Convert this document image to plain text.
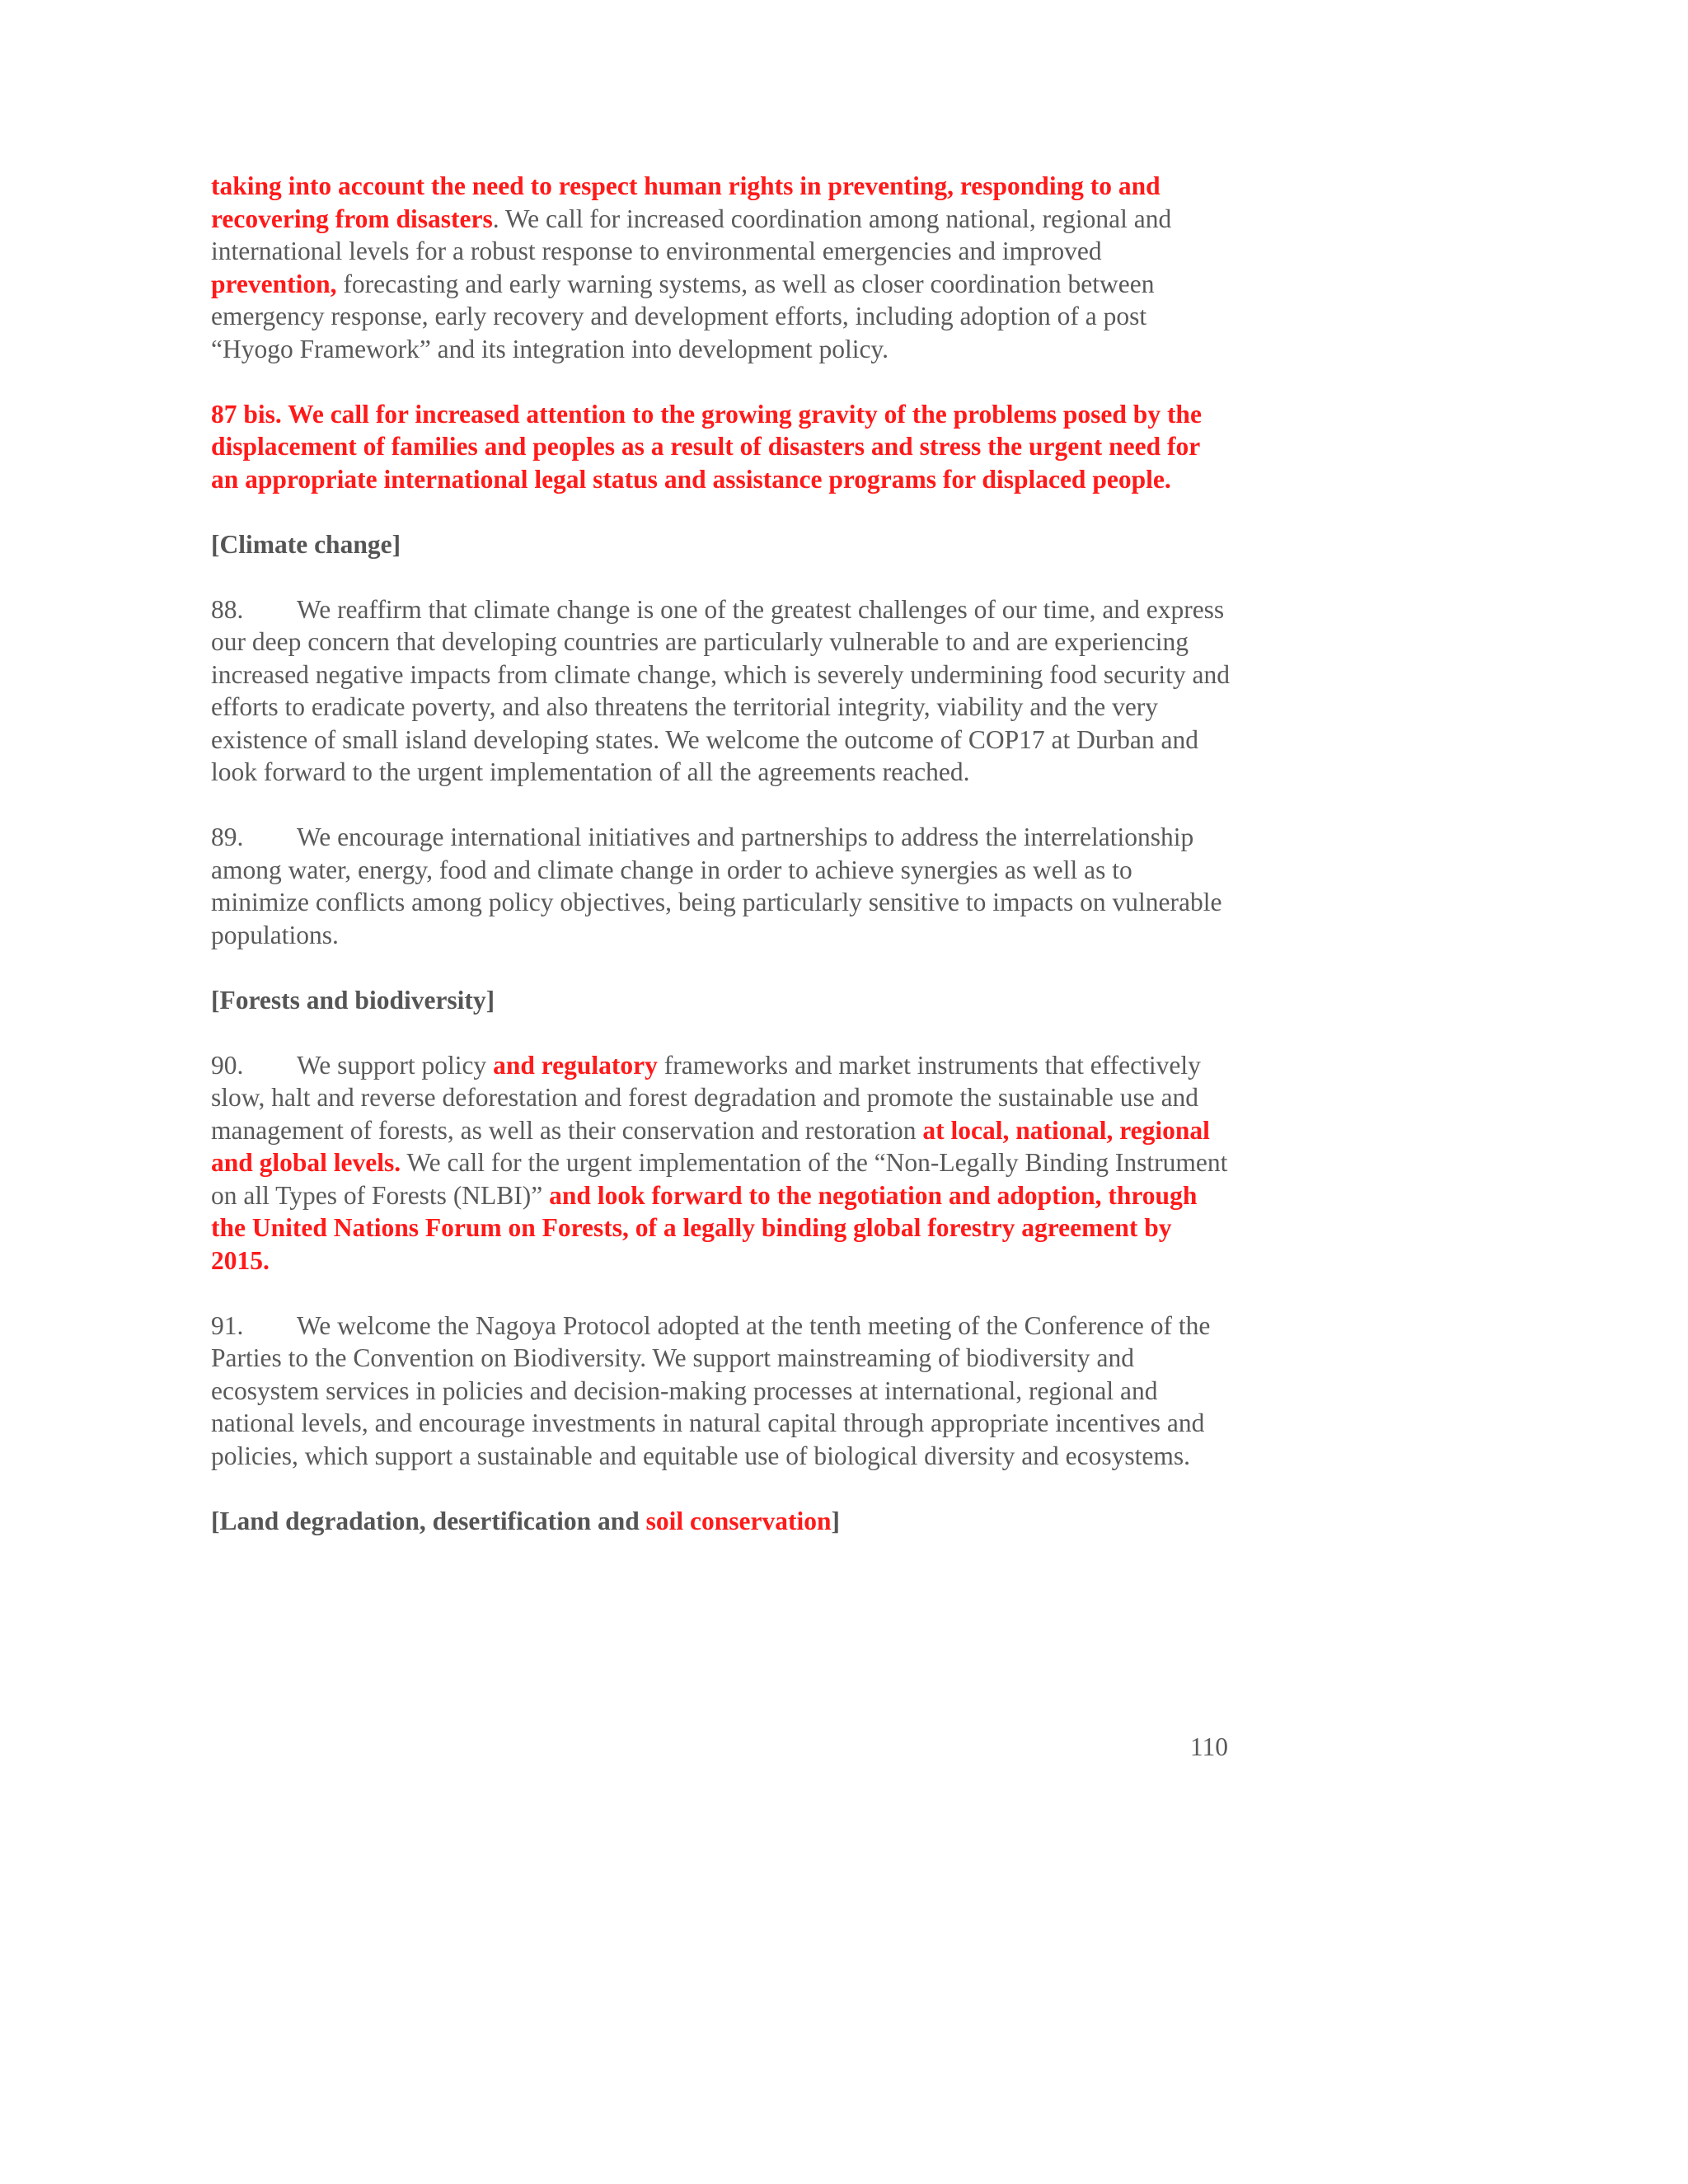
taking into account the need to respect human rights in preventing, responding to and recovering from disasters. We call for increased coordination among national, regional and international levels for a robust response to environmental emergencies and improved prevention, forecasting and early warning systems, as well as closer coordination between emergency response, early recovery and development efforts, including adoption of a post “Hyogo Framework” and its integration into development policy.

87 bis. We call for increased attention to the growing gravity of the problems posed by the displacement of families and peoples as a result of disasters and stress the urgent need for an appropriate international legal status and assistance programs for displaced people.

[Climate change]

88. We reaffirm that climate change is one of the greatest challenges of our time, and express our deep concern that developing countries are particularly vulnerable to and are experiencing increased negative impacts from climate change, which is severely undermining food security and efforts to eradicate poverty, and also threatens the territorial integrity, viability and the very existence of small island developing states. We welcome the outcome of COP17 at Durban and look forward to the urgent implementation of all the agreements reached.

89. We encourage international initiatives and partnerships to address the interrelationship among water, energy, food and climate change in order to achieve synergies as well as to minimize conflicts among policy objectives, being particularly sensitive to impacts on vulnerable populations.

[Forests and biodiversity]

90. We support policy and regulatory frameworks and market instruments that effectively slow, halt and reverse deforestation and forest degradation and promote the sustainable use and management of forests, as well as their conservation and restoration at local, national, regional and global levels. We call for the urgent implementation of the “Non-Legally Binding Instrument on all Types of Forests (NLBI)” and look forward to the negotiation and adoption, through the United Nations Forum on Forests, of a legally binding global forestry agreement by 2015.

91. We welcome the Nagoya Protocol adopted at the tenth meeting of the Conference of the Parties to the Convention on Biodiversity. We support mainstreaming of biodiversity and ecosystem services in policies and decision-making processes at international, regional and national levels, and encourage investments in natural capital through appropriate incentives and policies, which support a sustainable and equitable use of biological diversity and ecosystems.

[Land degradation, desertification and soil conservation]

110
